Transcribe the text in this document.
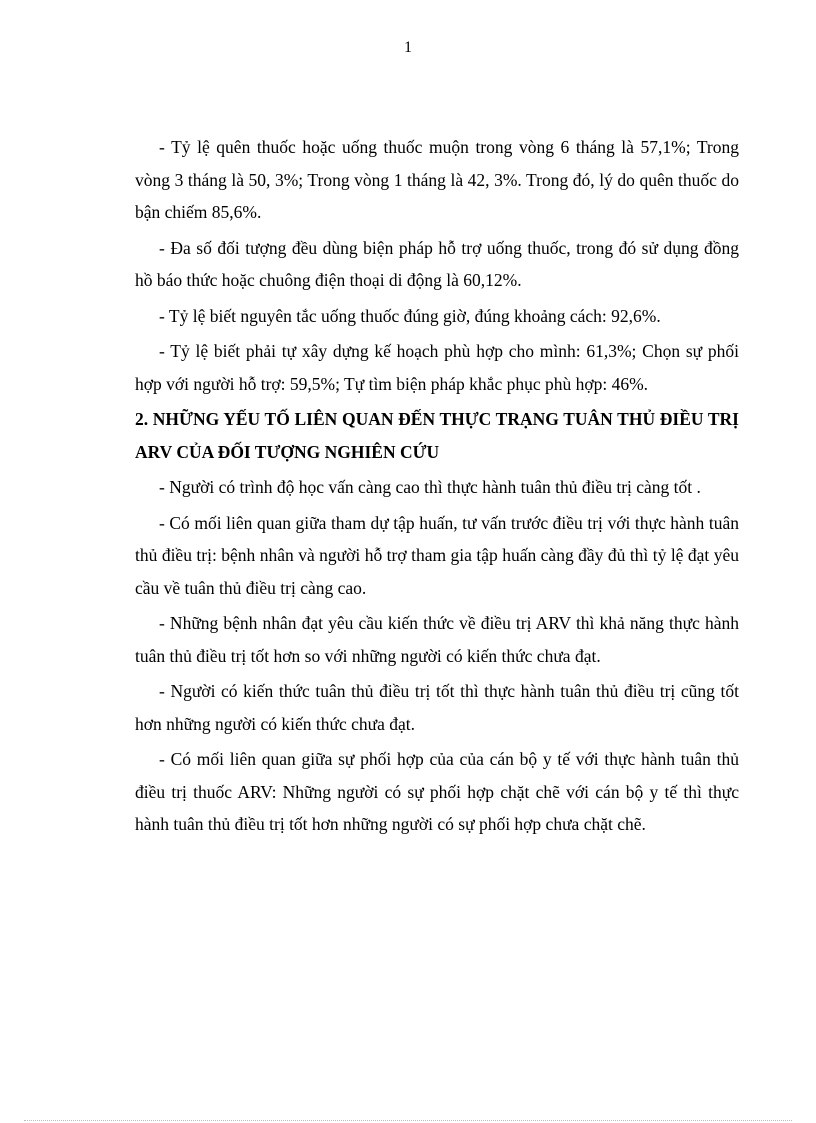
1

- Tỷ lệ quên thuốc hoặc uống thuốc muộn trong vòng 6 tháng là 57,1%; Trong vòng 3 tháng là 50, 3%; Trong vòng 1 tháng là 42, 3%. Trong đó, lý do quên thuốc do bận chiếm 85,6%.

- Đa số đối tượng đều dùng biện pháp hỗ trợ uống thuốc, trong đó sử dụng đồng hồ báo thức hoặc chuông điện thoại di động là 60,12%.

- Tỷ lệ biết nguyên tắc uống thuốc đúng giờ, đúng khoảng cách: 92,6%.

- Tỷ lệ biết phải tự xây dựng kế hoạch phù hợp cho mình: 61,3%; Chọn sự phối hợp với người hỗ trợ: 59,5%; Tự tìm biện pháp khắc phục phù hợp: 46%.

2. NHỮNG YẾU TỐ LIÊN QUAN ĐẾN THỰC TRẠNG TUÂN THỦ ĐIỀU TRỊ ARV CỦA ĐỐI TƯỢNG NGHIÊN CỨU

- Người có trình độ học vấn càng cao thì thực hành tuân thủ điều trị càng tốt .

- Có mối liên quan giữa tham dự tập huấn, tư vấn trước điều trị với thực hành tuân thủ điều trị: bệnh nhân và người hỗ trợ tham gia tập huấn càng đầy đủ thì tỷ lệ đạt yêu cầu về tuân thủ điều trị càng cao.

- Những bệnh nhân đạt yêu cầu kiến thức về điều trị ARV thì khả năng thực hành tuân thủ điều trị tốt hơn so với những người có kiến thức chưa đạt.

- Người có kiến thức tuân thủ điều trị tốt thì thực hành tuân thủ điều trị cũng tốt hơn những người có kiến thức chưa đạt.

- Có mối liên quan giữa sự phối hợp của của cán bộ y tế với thực hành tuân thủ điều trị thuốc ARV: Những người có sự phối hợp chặt chẽ với cán bộ y tế thì thực hành tuân thủ điều trị tốt hơn những người có sự phối hợp chưa chặt chẽ.
